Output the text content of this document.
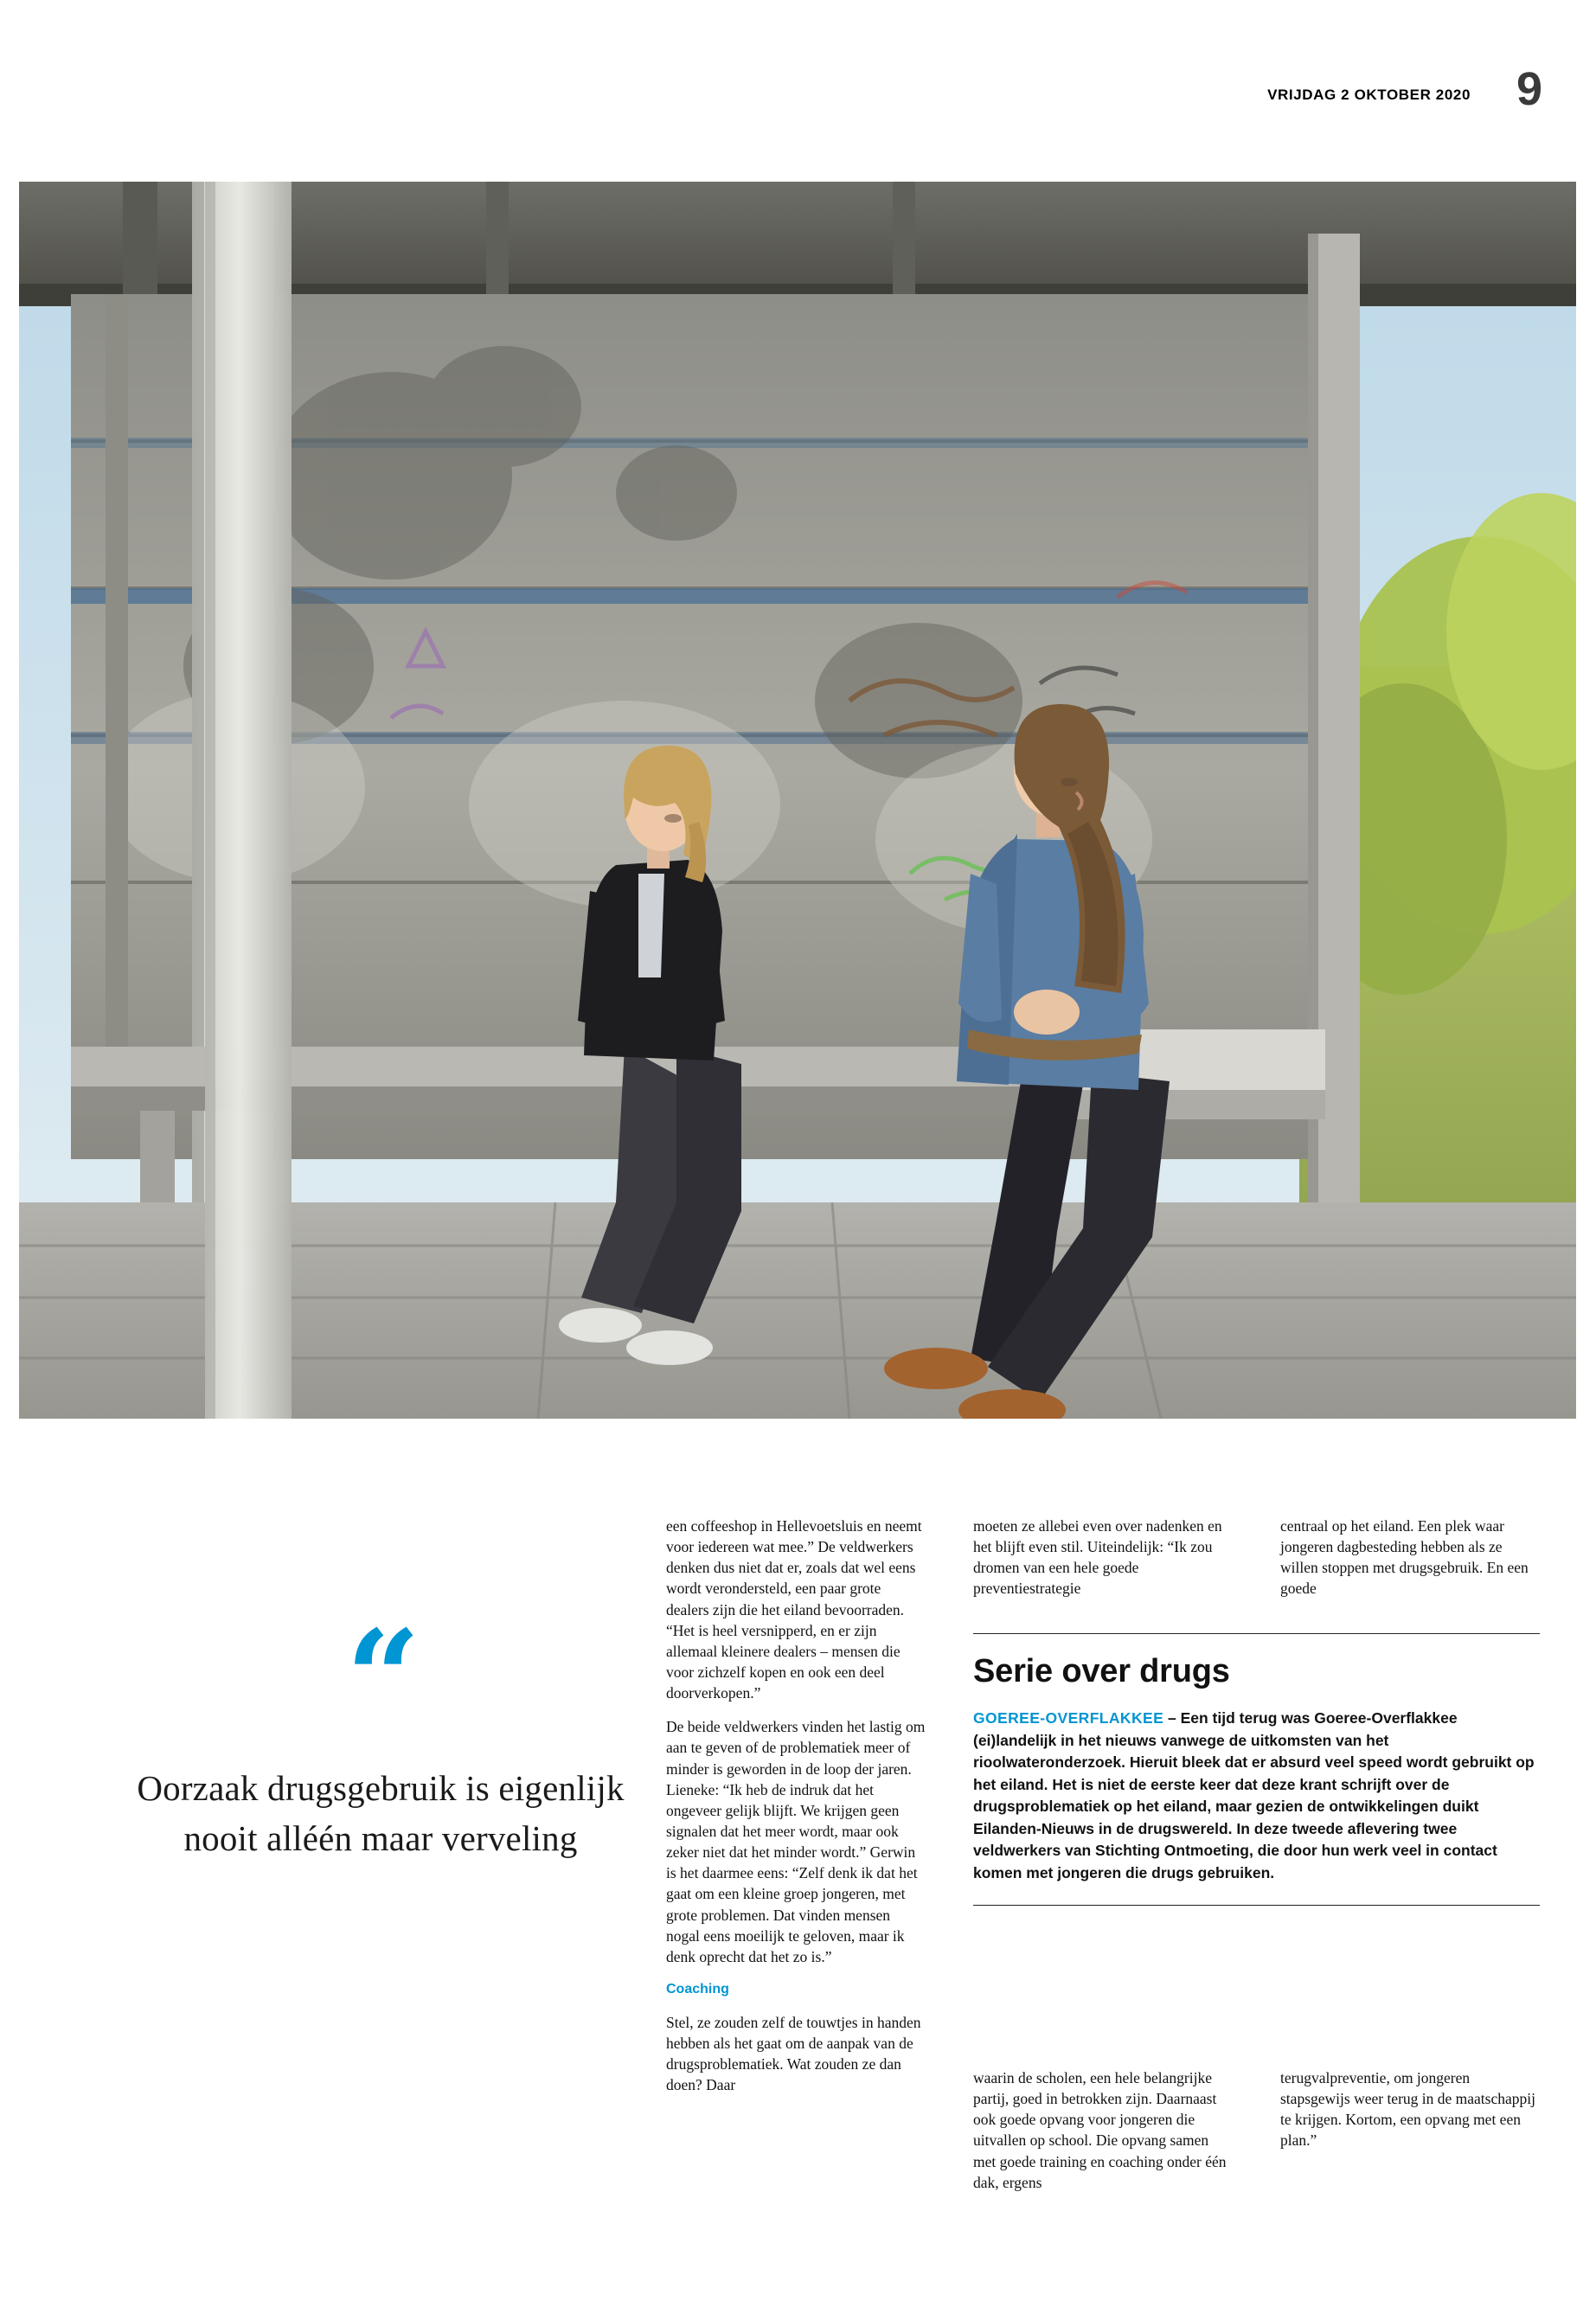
VRIJDAG 2 OKTOBER 2020 9
“
Oorzaak drugsgebruik is eigenlijk nooit alléén maar verveling

een coffeeshop in Hellevoetsluis en neemt voor iedereen wat mee.” De veldwerkers denken dus niet dat er, zoals dat wel eens wordt verondersteld, een paar grote dealers zijn die het eiland bevoorraden. “Het is heel versnipperd, en er zijn allemaal kleinere dealers – mensen die voor zichzelf kopen en ook een deel doorverkopen.”

De beide veldwerkers vinden het lastig om aan te geven of de problematiek meer of minder is geworden in de loop der jaren. Lieneke: “Ik heb de indruk dat het ongeveer gelijk blijft. We krijgen geen signalen dat het meer wordt, maar ook zeker niet dat het minder wordt.” Gerwin is het daarmee eens: “Zelf denk ik dat het gaat om een kleine groep jongeren, met grote problemen. Dat vinden mensen nogal eens moeilijk te geloven, maar ik denk oprecht dat het zo is.”

Coaching

Stel, ze zouden zelf de touwtjes in handen hebben als het gaat om de aanpak van de drugsproblematiek. Wat zouden ze dan doen? Daar

moeten ze allebei even over nadenken en het blijft even stil. Uiteindelijk: “Ik zou dromen van een hele goede preventiestrategie

centraal op het eiland. Een plek waar jongeren dagbesteding hebben als ze willen stoppen met drugsgebruik. En een goede

Serie over drugs

GOEREE-OVERFLAKKEE – Een tijd terug was Goeree-Overflakkee (ei)landelijk in het nieuws vanwege de uitkomsten van het rioolwateronderzoek. Hieruit bleek dat er absurd veel speed wordt gebruikt op het eiland. Het is niet de eerste keer dat deze krant schrijft over de drugsproblematiek op het eiland, maar gezien de ontwikkelingen duikt Eilanden-Nieuws in de drugswereld. In deze tweede aflevering twee veldwerkers van Stichting Ontmoeting, die door hun werk veel in contact komen met jongeren die drugs gebruiken.

waarin de scholen, een hele belangrijke partij, goed in betrokken zijn. Daarnaast ook goede opvang voor jongeren die uitvallen op school. Die opvang samen met goede training en coaching onder één dak, ergens

terugvalpreventie, om jongeren stapsgewijs weer terug in de maatschappij te krijgen. Kortom, een opvang met een plan.”
